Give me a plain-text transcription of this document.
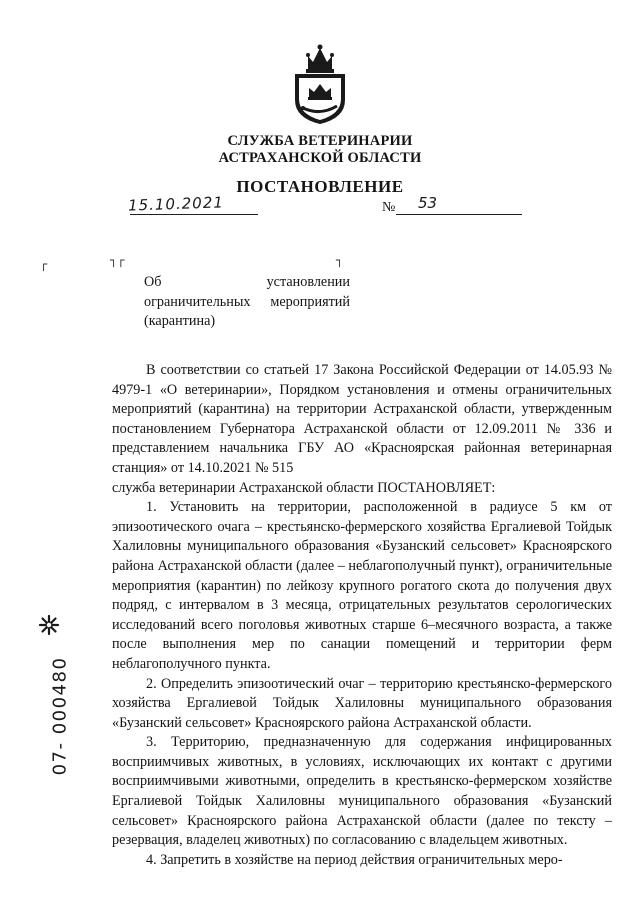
СЛУЖБА ВЕТЕРИНАРИИ
АСТРАХАНСКОЙ ОБЛАСТИ
ПОСТАНОВЛЕНИЕ
15.10.2021	№ 53
┌	┐┌	┐
Об установлении ограничительных мероприятий (карантина)

В соответствии со статьей 17 Закона Российской Федерации от 14.05.93 № 4979-1 «О ветеринарии», Порядком установления и отмены ограничительных мероприятий (карантина) на территории Астраханской области, утвержденным постановлением Губернатора Астраханской области от 12.09.2011 № 336 и представлением начальника ГБУ АО «Красноярская районная ветеринарная станция» от 14.10.2021 № 515

служба ветеринарии Астраханской области ПОСТАНОВЛЯЕТ:

1. Установить на территории, расположенной в радиусе 5 км от эпизоотического очага – крестьянско-фермерского хозяйства Ергалиевой Тойдык Халиловны муниципального образования «Бузанский сельсовет» Красноярского района Астраханской области (далее – неблагополучный пункт), ограничительные мероприятия (карантин) по лейкозу крупного рогатого скота до получения двух подряд, с интервалом в 3 месяца, отрицательных результатов серологических исследований всего поголовья животных старше 6–месячного возраста, а также после выполнения мер по санации помещений и территории ферм неблагополучного пункта.

2. Определить эпизоотический очаг – территорию крестьянско-фермерского хозяйства Ергалиевой Тойдык Халиловны муниципального образования «Бузанский сельсовет» Красноярского района Астраханской области.

3. Территорию, предназначенную для содержания инфицированных восприимчивых животных, в условиях, исключающих их контакт с другими восприимчивыми животными, определить в крестьянско-фермерском хозяйстве Ергалиевой Тойдык Халиловны муниципального образования «Бузанский сельсовет» Красноярского района Астраханской области (далее по тексту – резервация, владелец животных) по согласованию с владельцем животных.

4. Запретить в хозяйстве на период действия ограничительных меро-

07- 000480
